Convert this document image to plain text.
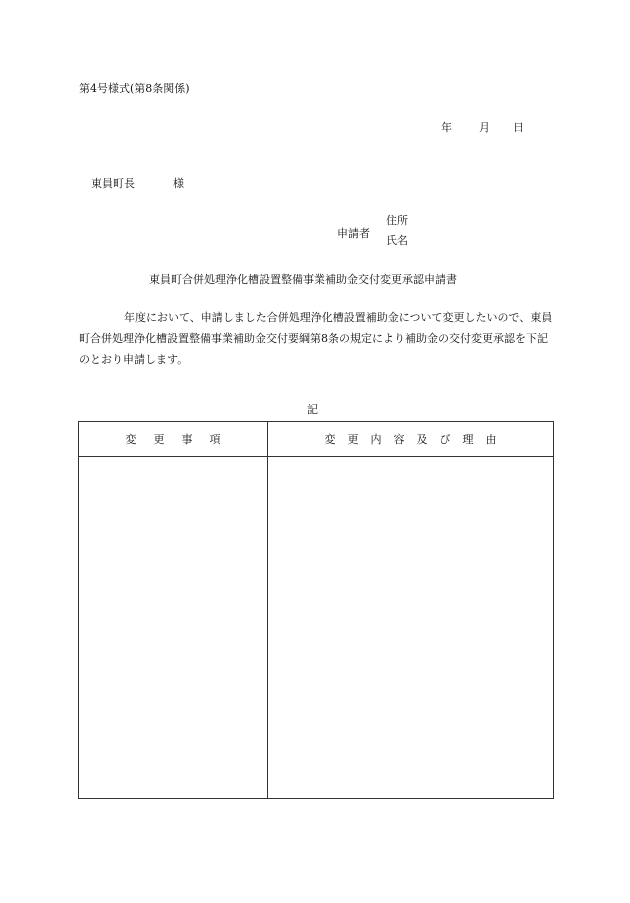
第4号様式(第8条関係)
年 月 日
東員町長	様
申請者
住所
氏名
東員町合併処理浄化槽設置整備事業補助金交付変更承認申請書
年度において、申請しました合併処理浄化槽設置補助金について変更したいので、東員町合併処理浄化槽設置整備事業補助金交付要綱第8条の規定により補助金の交付変更承認を下記のとおり申請します。
記
変更事項	変更内容及び理由
